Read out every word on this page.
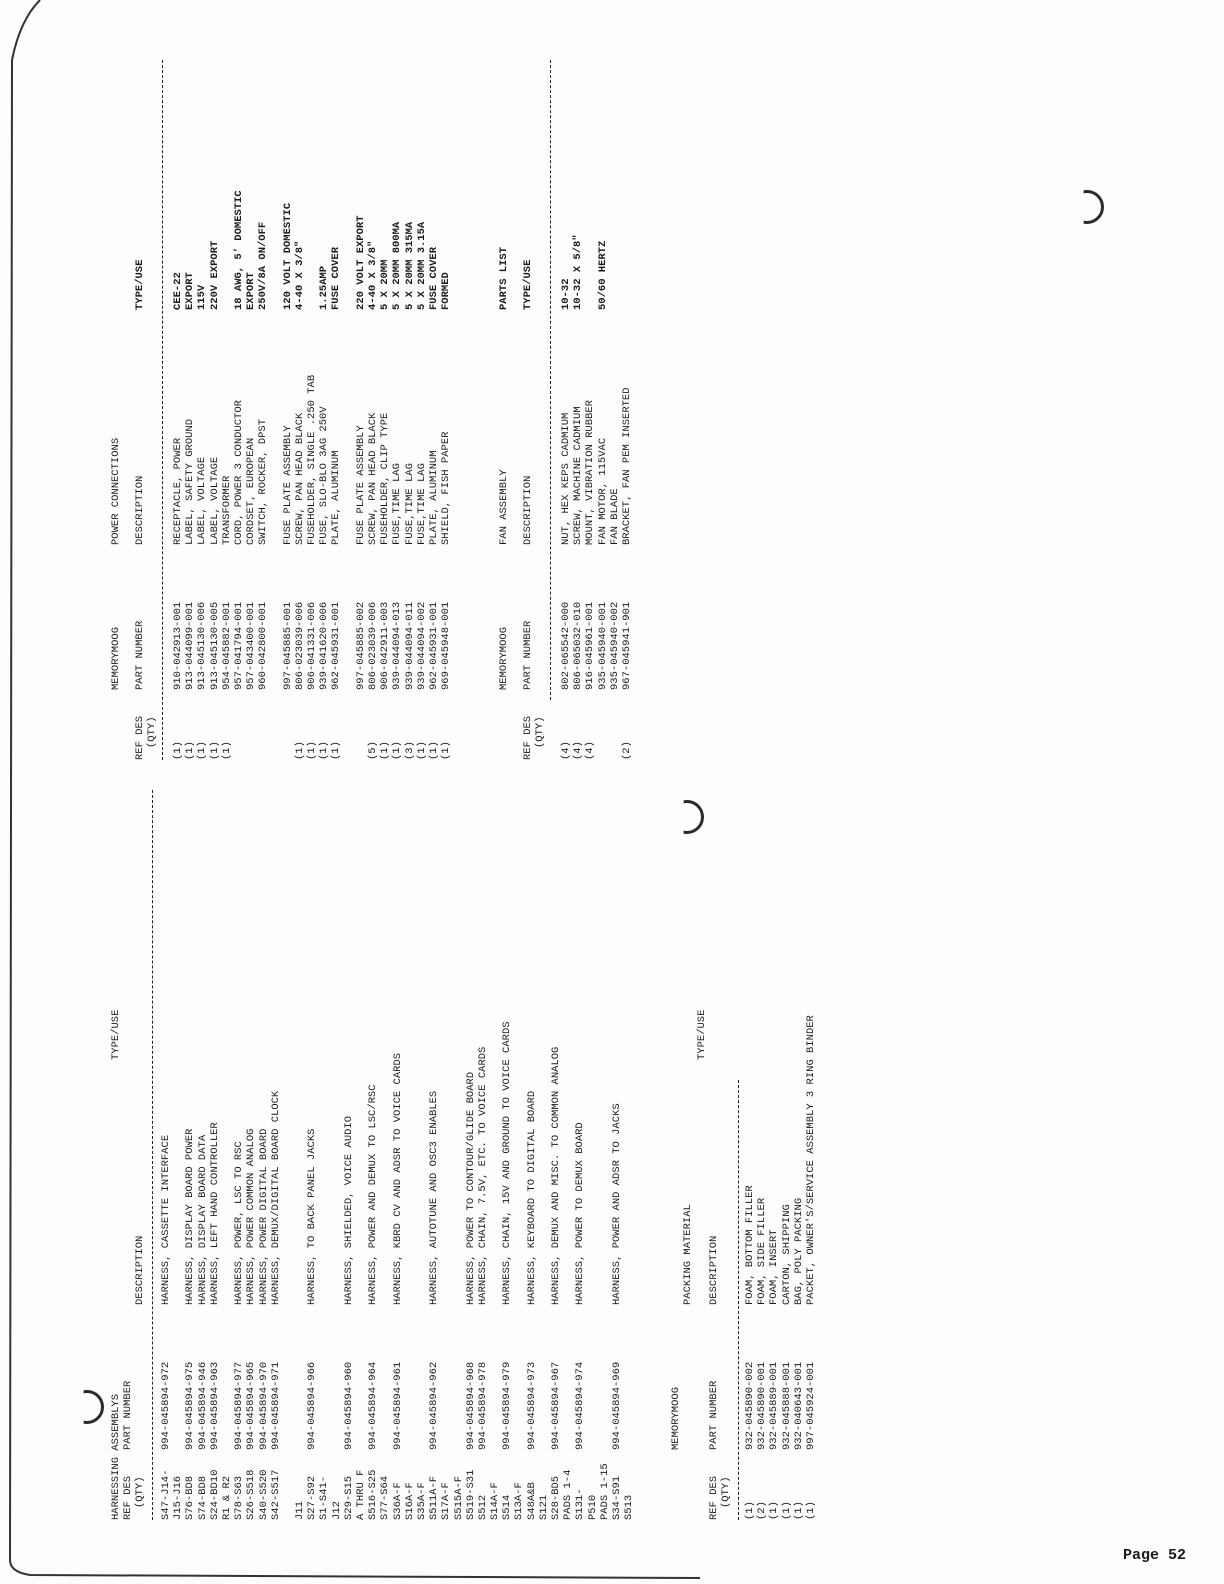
HARNESSING ASSEMBLYS

REF DES

PART NUMBER

(QTY)

DESCRIPTION

TYPE/USE

S47-J14-
994-045894-972
HARNESS, CASSETTE INTERFACE
J15-J16 S76-BD8
994-045894-975
HARNESS, DISPLAY BOARD POWER
S74-BD8
994-045894-946
HARNESS, DISPLAY BOARD DATA
S24-BD10
994-045894-963
HARNESS, LEFT HAND CONTROLLER
R1 & R2 S78-S63
994-045894-977
HARNESS, POWER, LSC TO RSC
S26-S518
994-045894-965
HARNESS, POWER COMMON ANALOG
S40-S520
994-045894-970
HARNESS, POWER DIGITAL BOARD
S42-S517
994-045894-971
HARNESS, DEMUX/DIGITAL BOARD CLOCK
J11 S27-S92
994-045894-966
HARNESS, TO BACK PANEL JACKS
S1-S41- J12 S29-S15
994-045894-960
HARNESS, SHIELDED, VOICE AUDIO
A THRU F S516-S25
994-045894-964
HARNESS, POWER AND DEMUX TO LSC/RSC
S77-S64 S36A-F
994-045894-961
HARNESS, KBRD CV AND ADSR TO VOICE CARDS
S16A-F S35A-F S511A-F
994-045894-962
HARNESS, AUTOTUNE AND OSC3 ENABLES
S17A-F S515A-F S519-S31
994-045894-968
HARNESS, POWER TO CONTOUR/GLIDE BOARD
S512
994-045894-978
HARNESS, CHAIN, 7.5V, ETC. TO VOICE CARDS
S14A-F S514
994-045894-979
HARNESS, CHAIN, 15V AND GROUND TO VOICE CARDS
S13A-F S48A&B
994-045894-973
HARNESS, KEYBOARD TO DIGITAL BOARD
S121 S28-BD5
994-045894-967
HARNESS, DEMUX AND MISC. TO COMMON ANALOG
PADS 1-4 S131-
994-045894-974
HARNESS, POWER TO DEMUX BOARD
P510 PADS 1-15 S34-S91
994-045894-969
HARNESS, POWER AND ADSR TO JACKS
S513

MEMORYMOOG

PACKING MATERIAL

REF DES

PART NUMBER

DESCRIPTION

TYPE/USE

(QTY)

(1)
932-045890-002
FOAM, BOTTOM FILLER
(2)
932-045890-001
FOAM, SIDE FILLER
(1)
932-045889-001
FOAM, INSERT
(1)
932-045888-001
CARTON, SHIPPING
(1)
932-040643-001
BAG, POLY PACKING
(1)
997-045924-001
PACKET, OWNER'S/SERVICE ASSEMBLY 3 RING BINDER

MEMORYMOOG

POWER CONNECTIONS

REF DES

(QTY)

PART NUMBER

DESCRIPTION

TYPE/USE

(1)
910-042913-001
RECEPTACLE, POWER
CEE-22
(1)
913-044099-001
LABEL, SAFETY GROUND
EXPORT
(1)
913-045130-006
LABEL, VOLTAGE
115V
(1)
913-045130-005
LABEL, VOLTAGE
220V EXPORT
(1)
954-045882-001
TRANSFORMER
957-041794-001
CORD, POWER 3 CONDUCTOR
18 AWG, 5' DOMESTIC
957-043400-001
CORDSET, EUROPEAN
EXPORT
960-042800-001
SWITCH, ROCKER, DPST
250V/8A ON/OFF
997-045885-001
FUSE PLATE ASSEMBLY
120 VOLT DOMESTIC
(1)
806-023039-006
SCREW, PAN HEAD BLACK
4-40 X 3/8"
(1)
906-041331-006
FUSEHOLDER, SINGLE .250 TAB
(1)
939-041620-006
FUSE, SLO-BLO 3AG 250V
1.25AMP
(1)
962-045931-001
PLATE, ALUMINUM
FUSE COVER
997-045885-002
FUSE PLATE ASSEMBLY
220 VOLT EXPORT
(5)
806-023039-006
SCREW, PAN HEAD BLACK
4-40 X 3/8"
(1)
906-042911-003
FUSEHOLDER, CLIP TYPE
5 X 20MM
(1)
939-044094-013
FUSE,TIME LAG
5 X 20MM 800MA
(3)
939-044094-011
FUSE,TIME LAG
5 X 20MM 315MA
(1)
939-044094-002
FUSE,TIME LAG
5 X 20MM 3.15A
(1)
962-045931-001
PLATE, ALUMINUM
FUSE COVER
(1)
969-045948-001
SHIELD, FISH PAPER
FORMED

MEMORYMOOG

FAN ASSEMBLY

PARTS LIST

REF DES

(QTY)

PART NUMBER

DESCRIPTION

TYPE/USE

(4)
802-065542-000
NUT, HEX KEPS CADMIUM
10-32
(4)
806-065032-010
SCREW, MACHINE CADMIUM
10-32 X 5/8"
(4)
916-045961-001
MOUNT, VIBRATION RUBBER
935-045940-001
FAN MOTOR, 115VAC
50/60 HERTZ
935-045940-002
FAN BLADE
(2)
967-045941-901
BRACKET, FAN PEM INSERTED

Page 52
